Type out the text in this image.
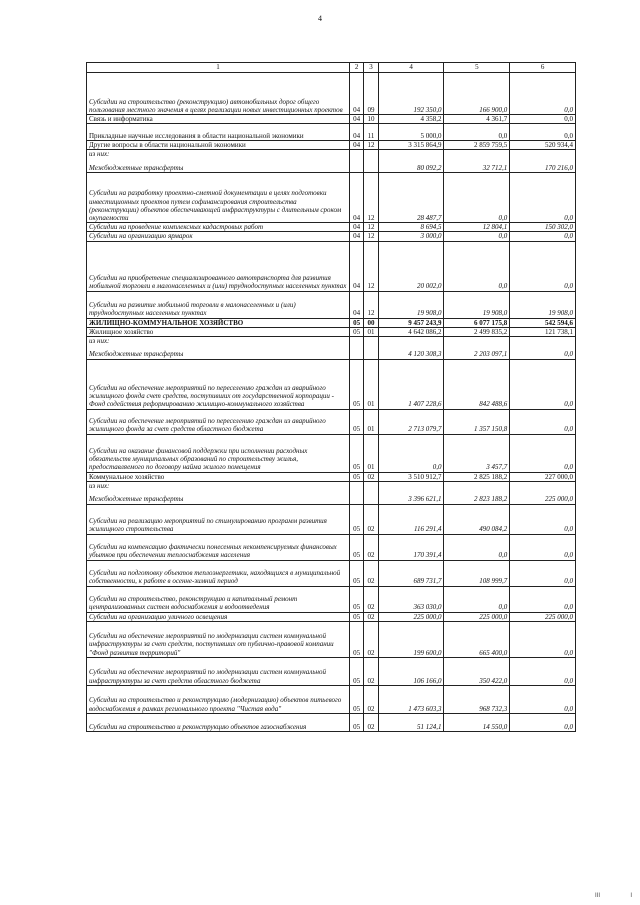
4
1	2	3	4	5	6
Субсидии на строительство (реконструкцию) автомобильных дорог общего пользования местного значения в целях реализации новых инвестиционных проектов	04	09	192 350,0	166 900,0	0,0
Связь и информатика	04	10	4 358,2	4 361,7	0,0
Прикладные научные исследования в области национальной экономики	04	11	5 000,0	0,0	0,0
Другие вопросы в области национальной экономики	04	12	3 315 864,9	2 859 759,5	520 934,4
из них:					
Межбюджетные трансферты			80 092,2	32 712,1	170 216,0
Субсидии на разработку проектно-сметной документации в целях подготовки инвестиционных проектов путем софинансирования строительства (реконструкции) объектов обеспечивающей инфраструктуры с длительным сроком окупаемости	04	12	28 487,7	0,0	0,0
Субсидии на проведение комплексных кадастровых работ	04	12	8 694,5	12 804,1	150 302,0
Субсидии на организацию ярмарок	04	12	3 000,0	0,0	0,0
Субсидии на приобретение специализированного автотранспорта для развития мобильной торговли в малонаселенных и (или) труднодоступных населенных пунктах	04	12	20 002,0	0,0	0,0
Субсидии на развитие мобильной торговли в малонаселенных и (или) труднодоступных населенных пунктах	04	12	19 908,0	19 908,0	19 908,0
ЖИЛИЩНО-КОММУНАЛЬНОЕ ХОЗЯЙСТВО	05	00	9 457 243,9	6 077 175,8	542 594,6
Жилищное хозяйство	05	01	4 642 086,2	2 499 835,2	121 738,1
из них:					
Межбюджетные трансферты			4 120 308,3	2 203 097,1	0,0
Субсидии на обеспечение мероприятий по переселению граждан из аварийного жилищного фонда счет средств, поступивших от государственной корпорации - Фонд содействия реформированию жилищно-коммунального хозяйства	05	01	1 407 228,6	842 488,6	0,0
Субсидии на обеспечение мероприятий по переселению граждан из аварийного жилищного фонда за счет средств областного бюджета	05	01	2 713 079,7	1 357 150,8	0,0
Субсидии на оказание финансовой поддержки при исполнении расходных обязательств муниципальных образований по строительству жилья, предоставляемого по договору найма жилого помещения	05	01	0,0	3 457,7	0,0
Коммунальное хозяйство	05	02	3 510 912,7	2 825 188,2	227 000,0
из них:					
Межбюджетные трансферты			3 396 621,1	2 823 188,2	225 000,0
Субсидии на реализацию мероприятий по стимулированию программ развития жилищного строительства	05	02	116 291,4	490 084,2	0,0
Субсидии на компенсацию фактически понесенных некомпенсируемых финансовых убытков при обеспечении теплоснабжения населения	05	02	170 391,4	0,0	0,0
Субсидии на подготовку объектов теплоэнергетики, находящихся в муниципальной собственности, к работе в осенне-зимний период	05	02	689 731,7	108 999,7	0,0
Субсидии на строительство, реконструкцию и капитальный ремонт централизованных систем водоснабжения и водоотведения	05	02	363 030,0	0,0	0,0
Субсидии на организацию уличного освещения	05	02	225 000,0	225 000,0	225 000,0
Субсидии на обеспечение мероприятий по модернизации систем коммунальной инфраструктуры за счет средств, поступивших от публично-правовой компании "Фонд развития территорий"	05	02	199 600,0	665 400,0	0,0
Субсидии на обеспечение мероприятий по модернизации систем коммунальной инфраструктуры за счет средств областного бюджета	05	02	106 166,0	350 422,0	0,0
Субсидии на строительство и реконструкцию (модернизацию) объектов питьевого водоснабжения в рамках регионального проекта "Чистая вода"	05	02	1 473 603,3	968 732,3	0,0
Субсидии на строительство и реконструкцию объектов газоснабжения	05	02	51 124,1	14 550,0	0,0
III	I
